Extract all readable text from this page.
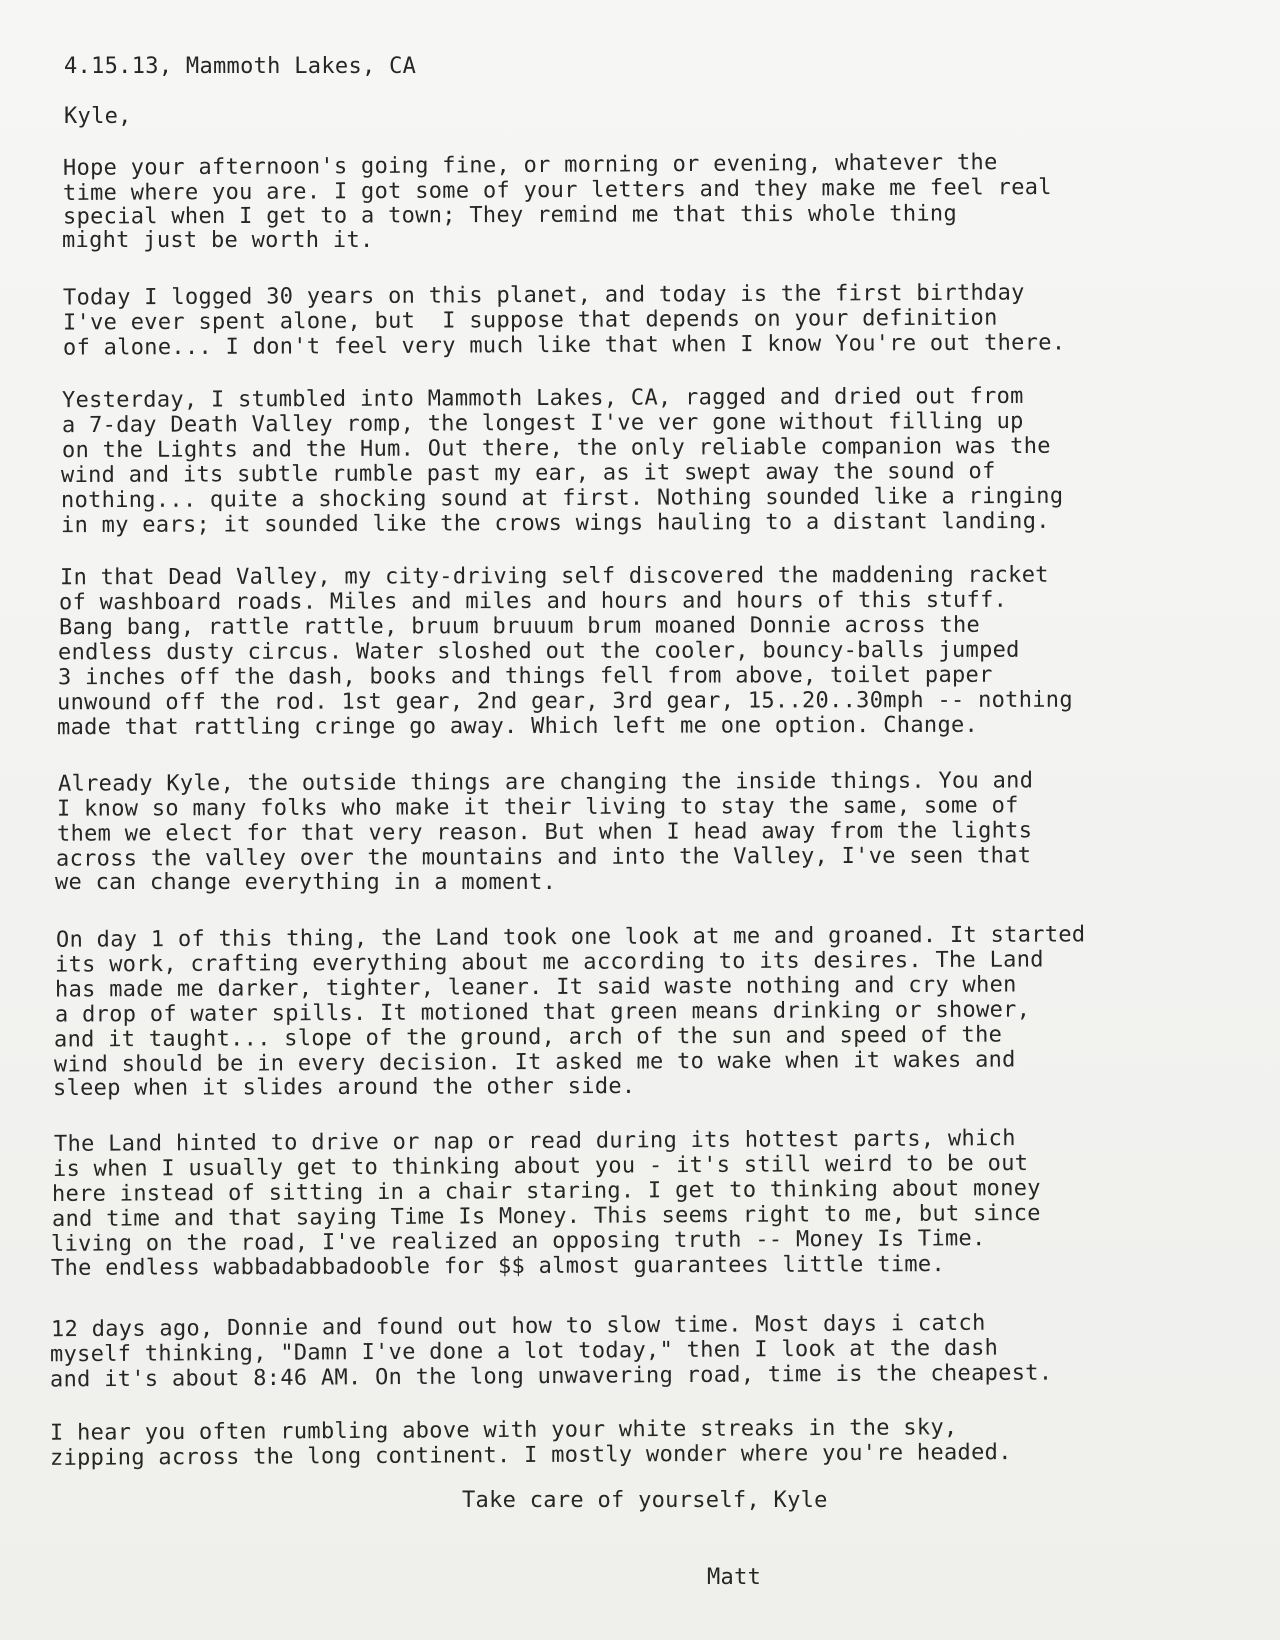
4.15.13, Mammoth Lakes, CA
Kyle,
Hope your afternoon's going fine, or morning or evening, whatever the
time where you are. I got some of your letters and they make me feel real
special when I get to a town; They remind me that this whole thing
might just be worth it.
Today I logged 30 years on this planet, and today is the first birthday
I've ever spent alone, but  I suppose that depends on your definition
of alone... I don't feel very much like that when I know You're out there.
Yesterday, I stumbled into Mammoth Lakes, CA, ragged and dried out from
a 7-day Death Valley romp, the longest I've ver gone without filling up
on the Lights and the Hum. Out there, the only reliable companion was the
wind and its subtle rumble past my ear, as it swept away the sound of
nothing... quite a shocking sound at first. Nothing sounded like a ringing
in my ears; it sounded like the crows wings hauling to a distant landing.
In that Dead Valley, my city-driving self discovered the maddening racket
of washboard roads. Miles and miles and hours and hours of this stuff.
Bang bang, rattle rattle, bruum bruuum brum moaned Donnie across the
endless dusty circus. Water sloshed out the cooler, bouncy-balls jumped
3 inches off the dash, books and things fell from above, toilet paper
unwound off the rod. 1st gear, 2nd gear, 3rd gear, 15..20..30mph -- nothing
made that rattling cringe go away. Which left me one option. Change.
Already Kyle, the outside things are changing the inside things. You and
I know so many folks who make it their living to stay the same, some of
them we elect for that very reason. But when I head away from the lights
across the valley over the mountains and into the Valley, I've seen that
we can change everything in a moment.
On day 1 of this thing, the Land took one look at me and groaned. It started
its work, crafting everything about me according to its desires. The Land
has made me darker, tighter, leaner. It said waste nothing and cry when
a drop of water spills. It motioned that green means drinking or shower,
and it taught... slope of the ground, arch of the sun and speed of the
wind should be in every decision. It asked me to wake when it wakes and
sleep when it slides around the other side.
The Land hinted to drive or nap or read during its hottest parts, which
is when I usually get to thinking about you - it's still weird to be out
here instead of sitting in a chair staring. I get to thinking about money
and time and that saying Time Is Money. This seems right to me, but since
living on the road, I've realized an opposing truth -- Money Is Time.
The endless wabbadabbadooble for $$ almost guarantees little time.
12 days ago, Donnie and found out how to slow time. Most days i catch
myself thinking, "Damn I've done a lot today," then I look at the dash
and it's about 8:46 AM. On the long unwavering road, time is the cheapest.
I hear you often rumbling above with your white streaks in the sky,
zipping across the long continent. I mostly wonder where you're headed.
Take care of yourself, Kyle
Matt
